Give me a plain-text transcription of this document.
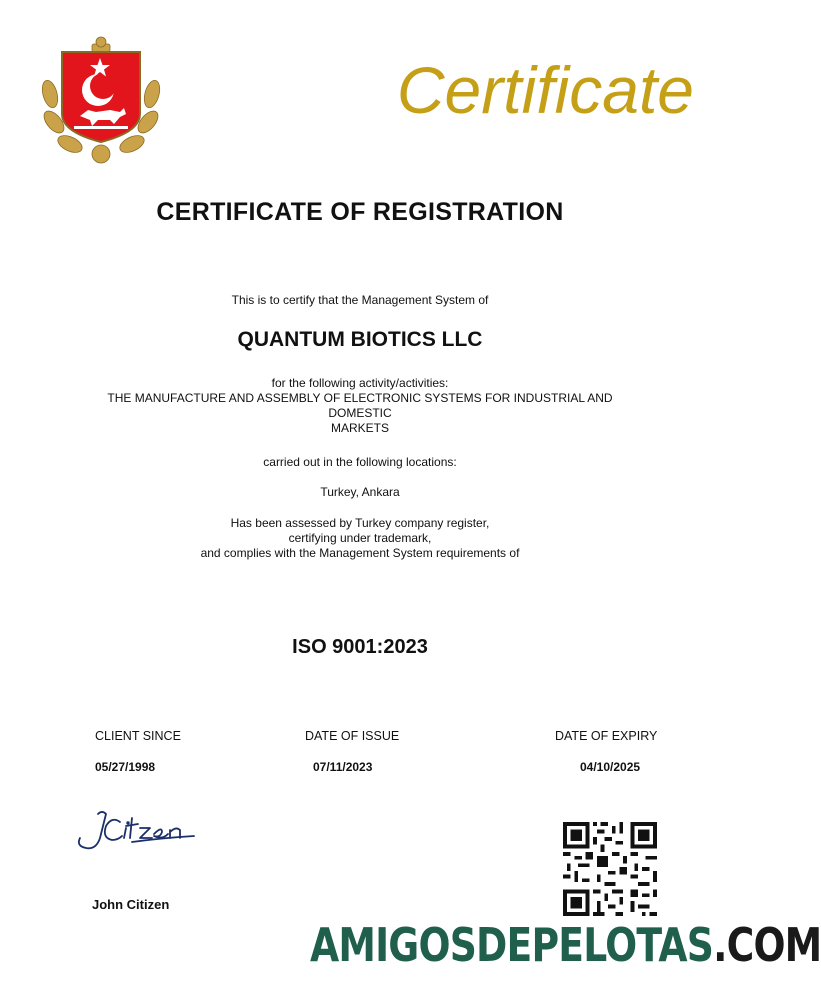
Certificate
CERTIFICATE OF REGISTRATION
This is to certify that the Management System of
QUANTUM BIOTICS LLC
for the following activity/activities:
THE MANUFACTURE AND ASSEMBLY OF ELECTRONIC SYSTEMS FOR INDUSTRIAL AND
DOMESTIC
MARKETS
carried out in the following locations:
Turkey, Ankara
Has been assessed by Turkey company register,
certifying under trademark,
and complies with the Management System requirements of
ISO 9001:2023
CLIENT SINCE	DATE OF ISSUE	DATE OF EXPIRY
05/27/1998	07/11/2023	04/10/2025
John Citizen
AMIGOSDEPELOTAS.COM
